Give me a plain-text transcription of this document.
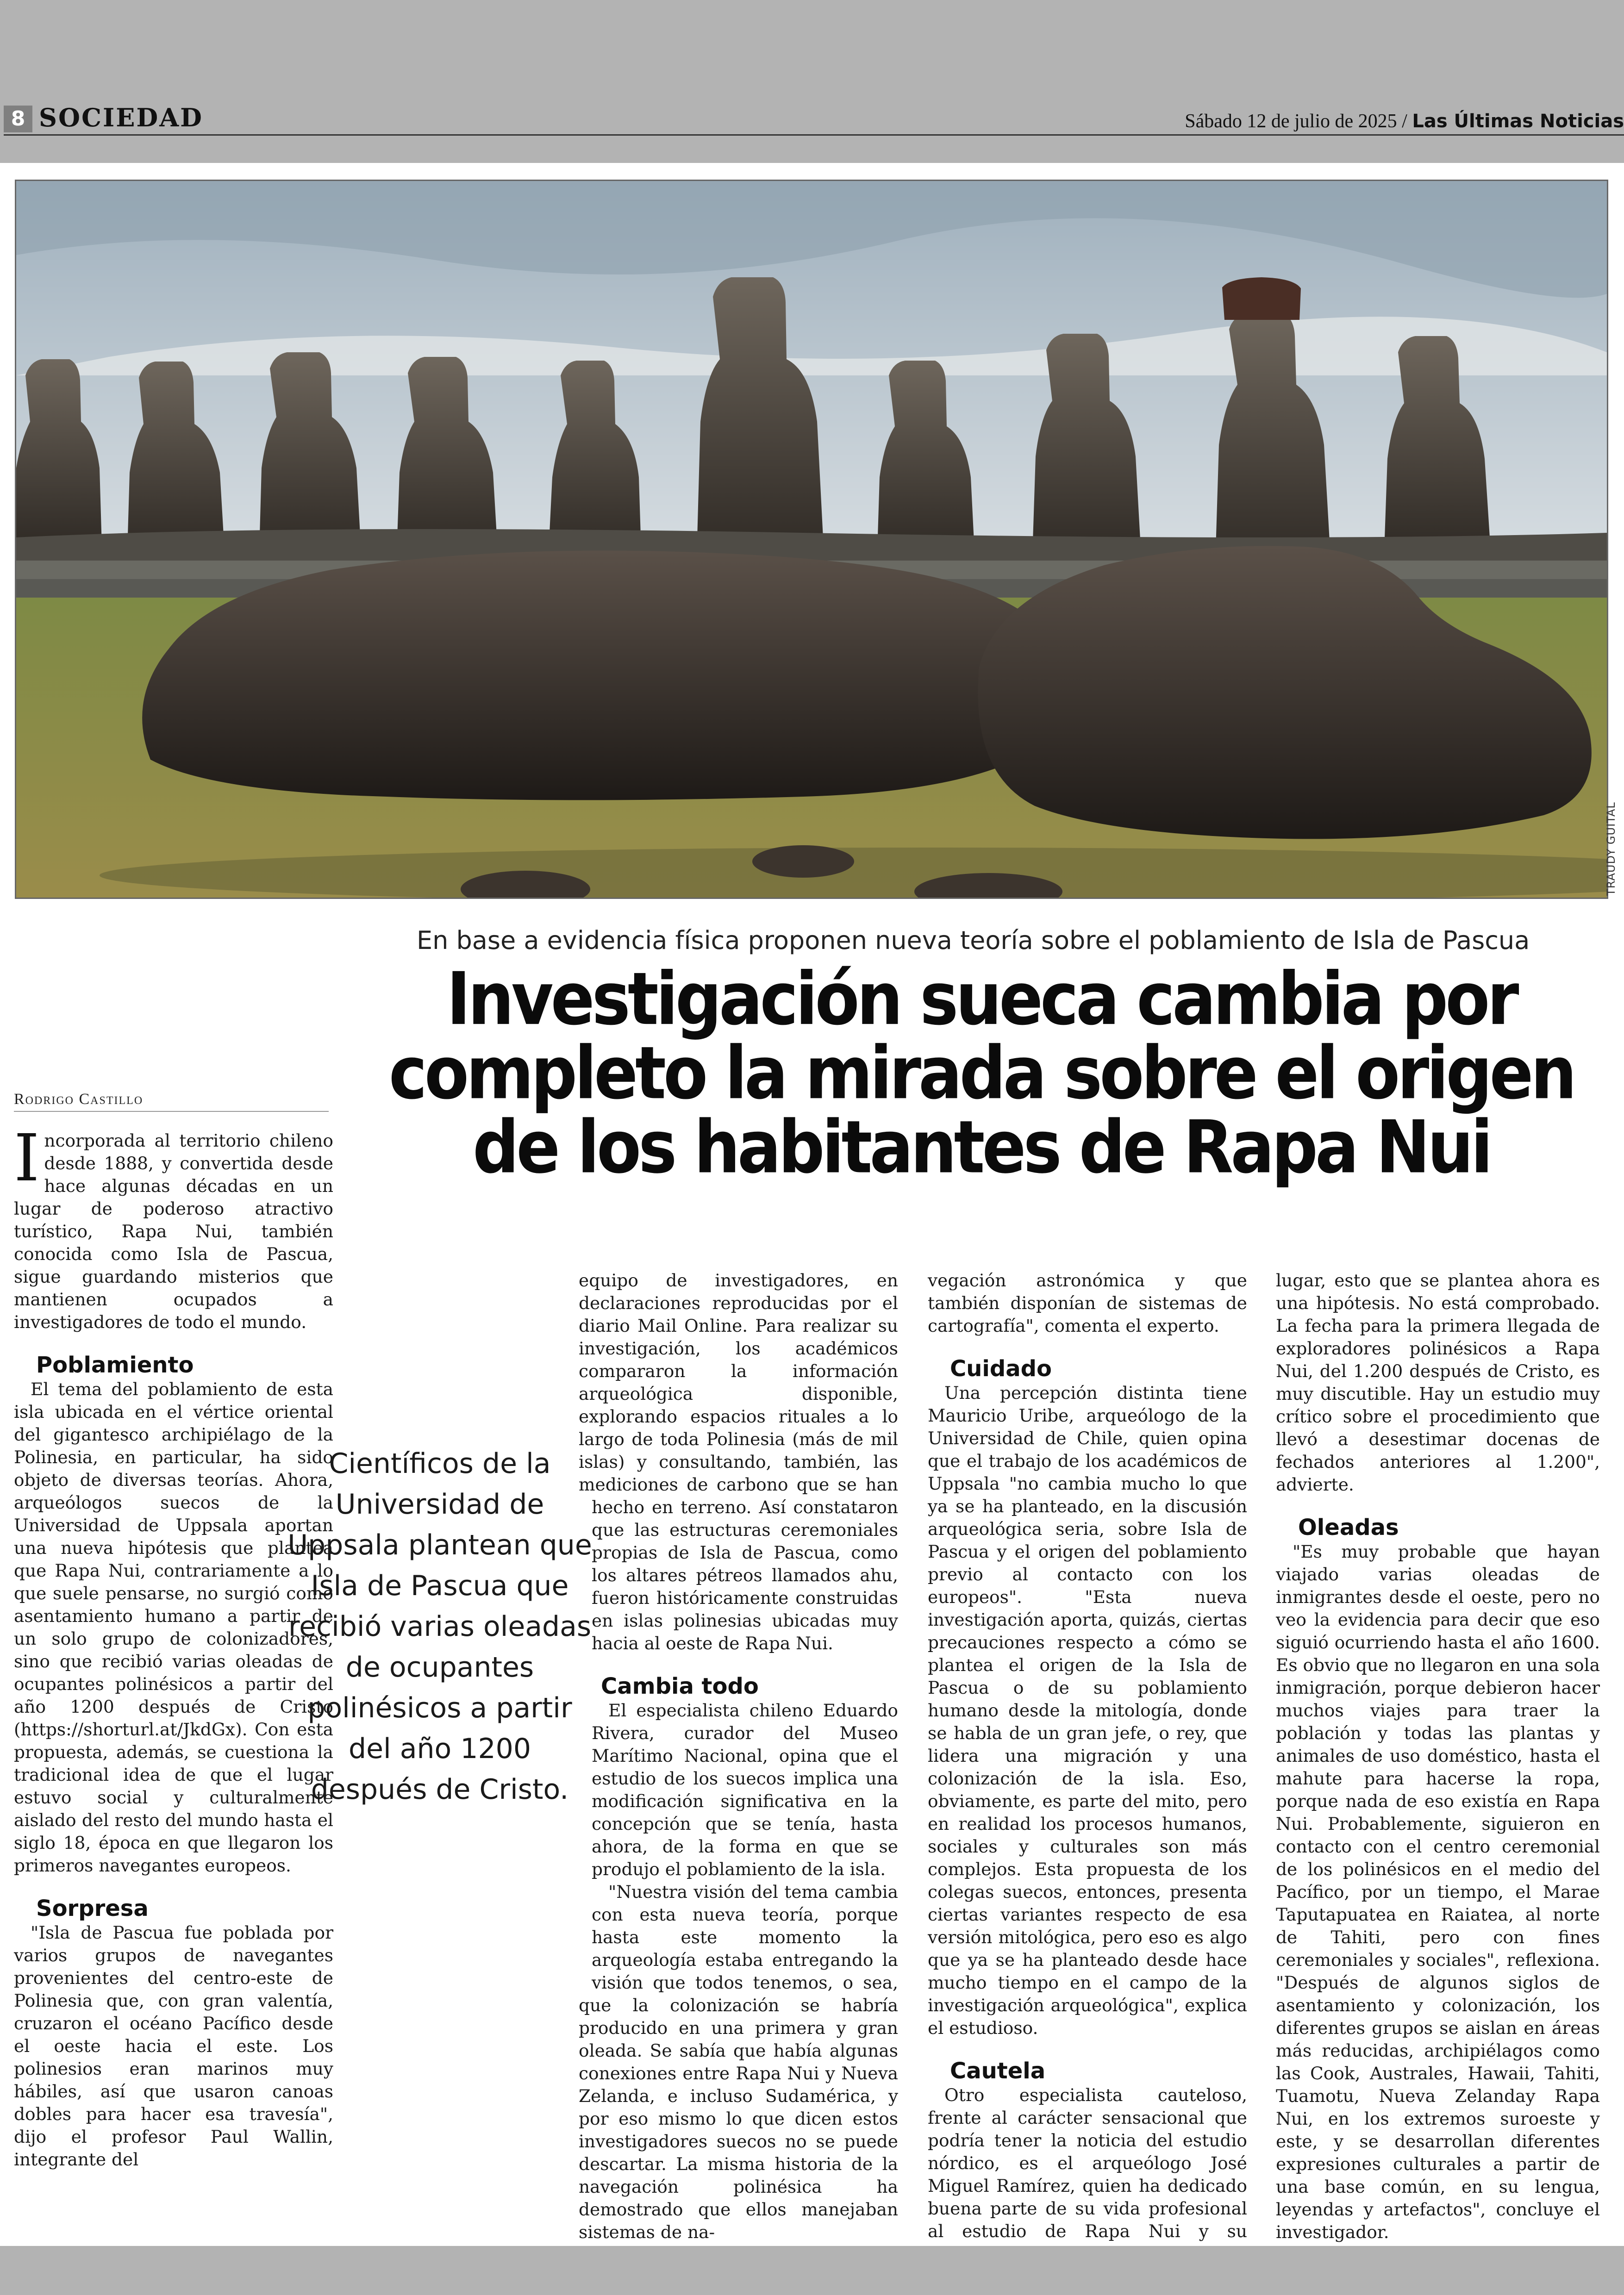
8 SOCIEDAD	Sábado 12 de julio de 2025 / Las Últimas Noticias
TRAUDY GUITAL
En base a evidencia física proponen nueva teoría sobre el poblamiento de Isla de Pascua
Investigación sueca cambia por completo la mirada sobre el origen de los habitantes de Rapa Nui
Rodrigo Castillo

Incorporada al territorio chileno desde 1888, y convertida desde hace algunas décadas en un lugar de poderoso atractivo turístico, Rapa Nui, también conocida como Isla de Pascua, sigue guardando misterios que mantienen ocupados a investigadores de todo el mundo.

Poblamiento

El tema del poblamiento de esta isla ubicada en el vértice oriental del gigantesco archipiélago de la Polinesia, en particular, ha sido objeto de diversas teorías. Ahora, arqueólogos suecos de la Universidad de Uppsala aportan una nueva hipótesis que plantea que Rapa Nui, contrariamente a lo que suele pensarse, no surgió como asentamiento humano a partir de un solo grupo de colonizadores, sino que recibió varias oleadas de ocupantes polinésicos a partir del año 1200 después de Cristo (https://shorturl.at/JkdGx). Con esta propuesta, además, se cuestiona la tradicional idea de que el lugar estuvo social y culturalmente aislado del resto del mundo hasta el siglo 18, época en que llegaron los primeros navegantes europeos.

Sorpresa

"Isla de Pascua fue poblada por varios grupos de navegantes provenientes del centro-este de Polinesia que, con gran valentía, cruzaron el océano Pacífico desde el oeste hacia el este. Los polinesios eran marinos muy hábiles, así que usaron canoas dobles para hacer esa travesía", dijo el profesor Paul Wallin, integrante del

equipo de investigadores, en declaraciones reproducidas por el diario Mail Online. Para realizar su investigación, los académicos compararon la información arqueológica disponible, explorando espacios rituales a lo largo de toda Polinesia (más de mil islas) y consultando, también, las mediciones de carbono que se han hecho en terreno. Así constataron que las estructuras ceremoniales propias de Isla de Pascua, como los altares pétreos llamados ahu, fueron históricamente construidas en islas polinesias ubicadas muy hacia al oeste de Rapa Nui.

Cambia todo

El especialista chileno Eduardo Rivera, curador del Museo Marítimo Nacional, opina que el estudio de los suecos implica una modificación significativa en la concepción que se tenía, hasta ahora, de la forma en que se produjo el poblamiento de la isla.

"Nuestra visión del tema cambia con esta nueva teoría, porque hasta este momento la arqueología estaba entregando la visión que todos tenemos, o sea, que la colonización se habría producido en una primera y gran oleada. Se sabía que había algunas conexiones entre Rapa Nui y Nueva Zelanda, e incluso Sudamérica, y por eso mismo lo que dicen estos investigadores suecos no se puede descartar. La misma historia de la navegación polinésica ha demostrado que ellos manejaban sistemas de na-

Científicos de la Universidad de Uppsala plantean que Isla de Pascua que recibió varias oleadas de ocupantes polinésicos a partir del año 1200 después de Cristo.

vegación astronómica y que también disponían de sistemas de cartografía", comenta el experto.

Cuidado

Una percepción distinta tiene Mauricio Uribe, arqueólogo de la Universidad de Chile, quien opina que el trabajo de los académicos de Uppsala "no cambia mucho lo que ya se ha planteado, en la discusión arqueológica seria, sobre Isla de Pascua y el origen del poblamiento previo al contacto con los europeos". "Esta nueva investigación aporta, quizás, ciertas precauciones respecto a cómo se plantea el origen de la Isla de Pascua o de su poblamiento humano desde la mitología, donde se habla de un gran jefe, o rey, que lidera una migración y una colonización de la isla. Eso, obviamente, es parte del mito, pero en realidad los procesos humanos, sociales y culturales son más complejos. Esta propuesta de los colegas suecos, entonces, presenta ciertas variantes respecto de esa versión mitológica, pero eso es algo que ya se ha planteado desde hace mucho tiempo en el campo de la investigación arqueológica", explica el estudioso.

Cautela

Otro especialista cauteloso, frente al carácter sensacional que podría tener la noticia del estudio nórdico, es el arqueólogo José Miguel Ramírez, quien ha dedicado buena parte de su vida profesional al estudio de Rapa Nui y su

lugar, esto que se plantea ahora es una hipótesis. No está comprobado. La fecha para la primera llegada de exploradores polinésicos a Rapa Nui, del 1.200 después de Cristo, es muy discutible. Hay un estudio muy crítico sobre el procedimiento que llevó a desestimar docenas de fechados anteriores al 1.200", advierte.

Oleadas

"Es muy probable que hayan viajado varias oleadas de inmigrantes desde el oeste, pero no veo la evidencia para decir que eso siguió ocurriendo hasta el año 1600. Es obvio que no llegaron en una sola inmigración, porque debieron hacer muchos viajes para traer la población y todas las plantas y animales de uso doméstico, hasta el mahute para hacerse la ropa, porque nada de eso existía en Rapa Nui. Probablemente, siguieron en contacto con el centro ceremonial de los polinésicos en el medio del Pacífico, por un tiempo, el Marae Taputapuatea en Raiatea, al norte de Tahiti, pero con fines ceremoniales y sociales", reflexiona. "Después de algunos siglos de asentamiento y colonización, los diferentes grupos se aislan en áreas más reducidas, archipiélagos como las Cook, Australes, Hawaii, Tahiti, Tuamotu, Nueva Zelanday Rapa Nui, en los extremos suroeste y este, y se desarrollan diferentes expresiones culturales a partir de una base común, en su lengua, leyendas y artefactos", concluye el investigador.
